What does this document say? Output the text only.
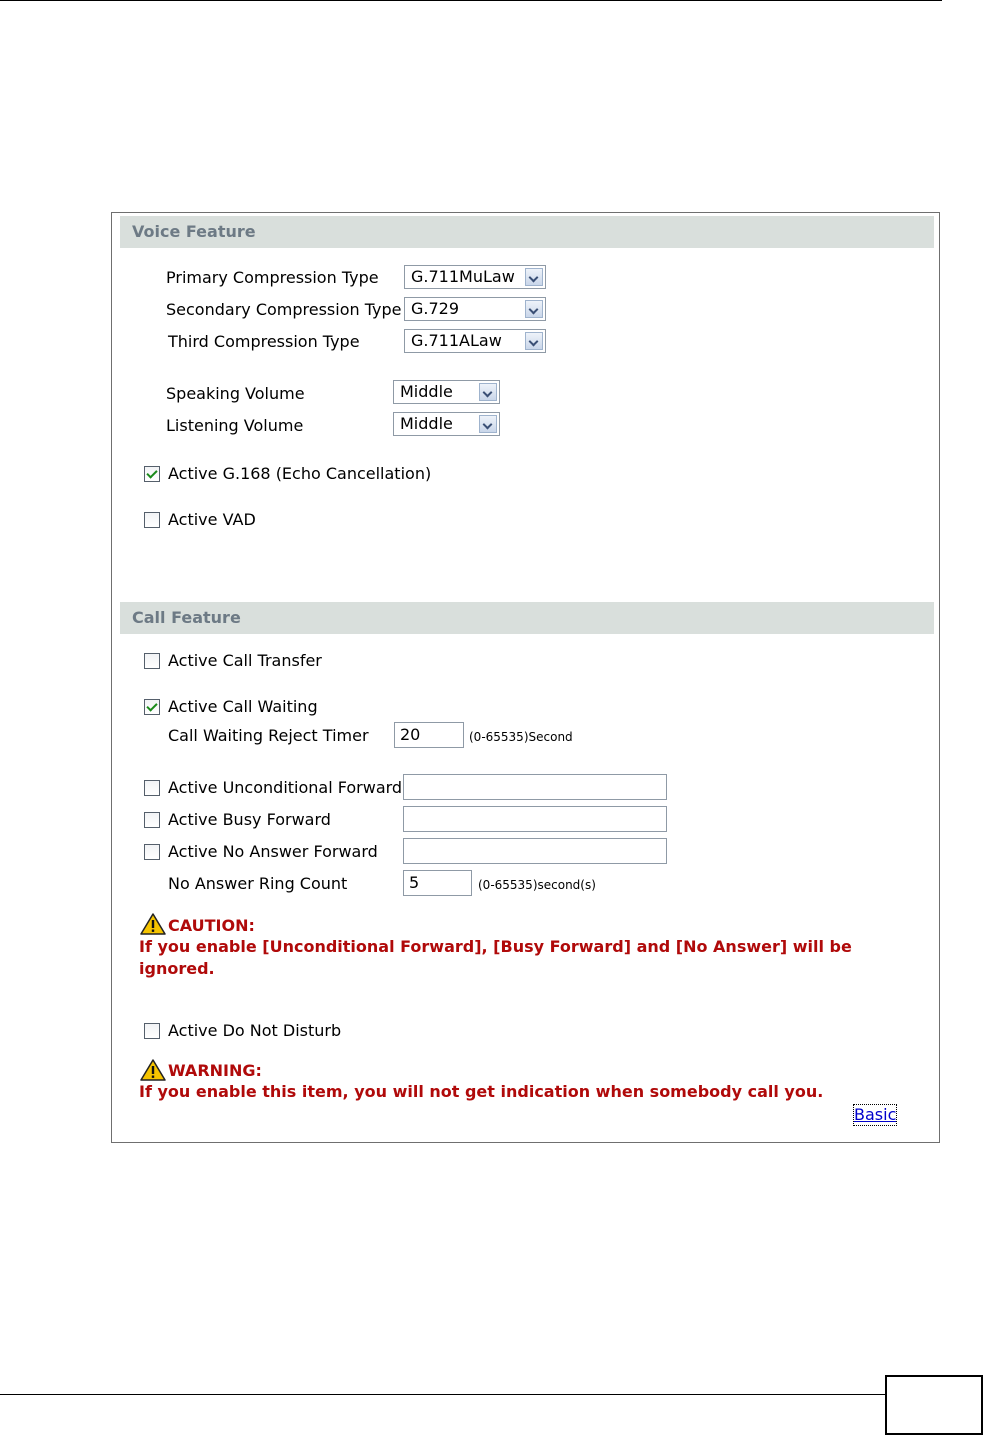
Voice Feature
Primary Compression Type G.711MuLaw
Secondary Compression Type G.729
Third Compression Type	G.711ALaw
Speaking Volume	Middle
Listening Volume	Middle
Active G.168 (Echo Cancellation)
Active VAD
Call Feature
Active Call Transfer
Active Call Waiting
Call Waiting Reject Timer	20	(0-65535)Second
Active Unconditional Forward
Active Busy Forward
Active No Answer Forward
No Answer Ring Count	5	(0-65535)second(s)
CAUTION:
If you enable [Unconditional Forward], [Busy Forward] and [No Answer] will be
ignored.
Active Do Not Disturb
WARNING:
If you enable this item, you will not get indication when somebody call you.
Basic
